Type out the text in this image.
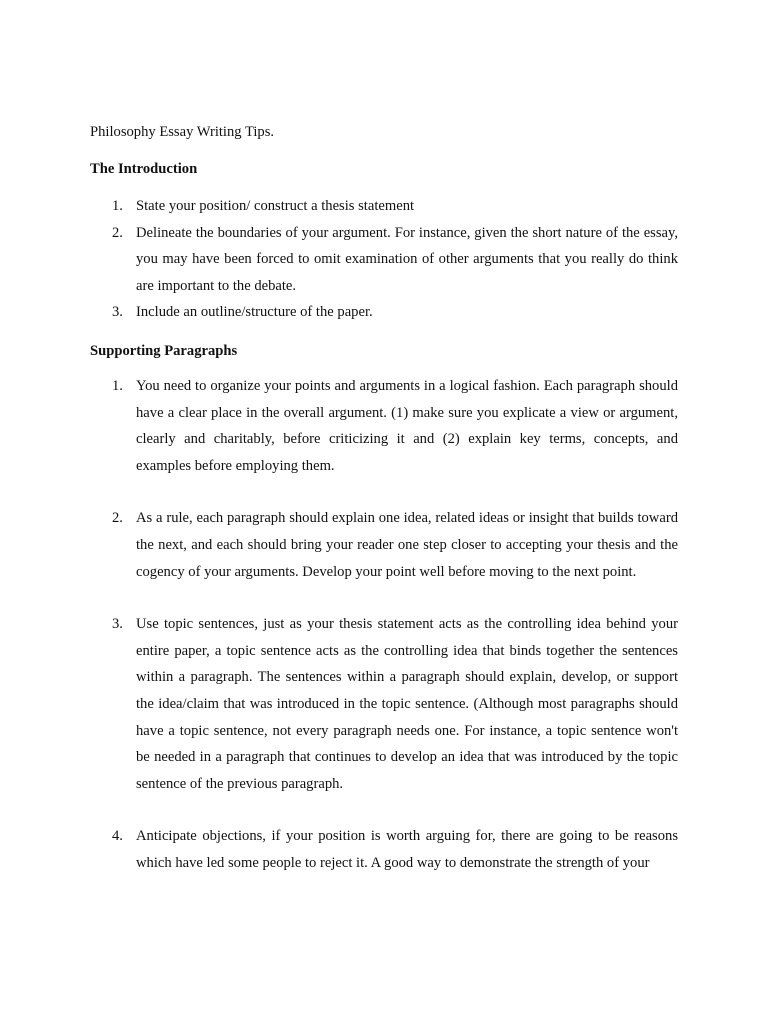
Philosophy Essay Writing Tips.
The Introduction
1. State your position/ construct a thesis statement
2. Delineate the boundaries of your argument. For instance, given the short nature of the essay, you may have been forced to omit examination of other arguments that you really do think are important to the debate.
3. Include an outline/structure of the paper.
Supporting Paragraphs
1. You need to organize your points and arguments in a logical fashion. Each paragraph should have a clear place in the overall argument. (1) make sure you explicate a view or argument, clearly and charitably, before criticizing it and (2) explain key terms, concepts, and examples before employing them.
2. As a rule, each paragraph should explain one idea, related ideas or insight that builds toward the next, and each should bring your reader one step closer to accepting your thesis and the cogency of your arguments. Develop your point well before moving to the next point.
3. Use topic sentences, just as your thesis statement acts as the controlling idea behind your entire paper, a topic sentence acts as the controlling idea that binds together the sentences within a paragraph. The sentences within a paragraph should explain, develop, or support the idea/claim that was introduced in the topic sentence. (Although most paragraphs should have a topic sentence, not every paragraph needs one. For instance, a topic sentence won't be needed in a paragraph that continues to develop an idea that was introduced by the topic sentence of the previous paragraph.
4. Anticipate objections, if your position is worth arguing for, there are going to be reasons which have led some people to reject it. A good way to demonstrate the strength of your
